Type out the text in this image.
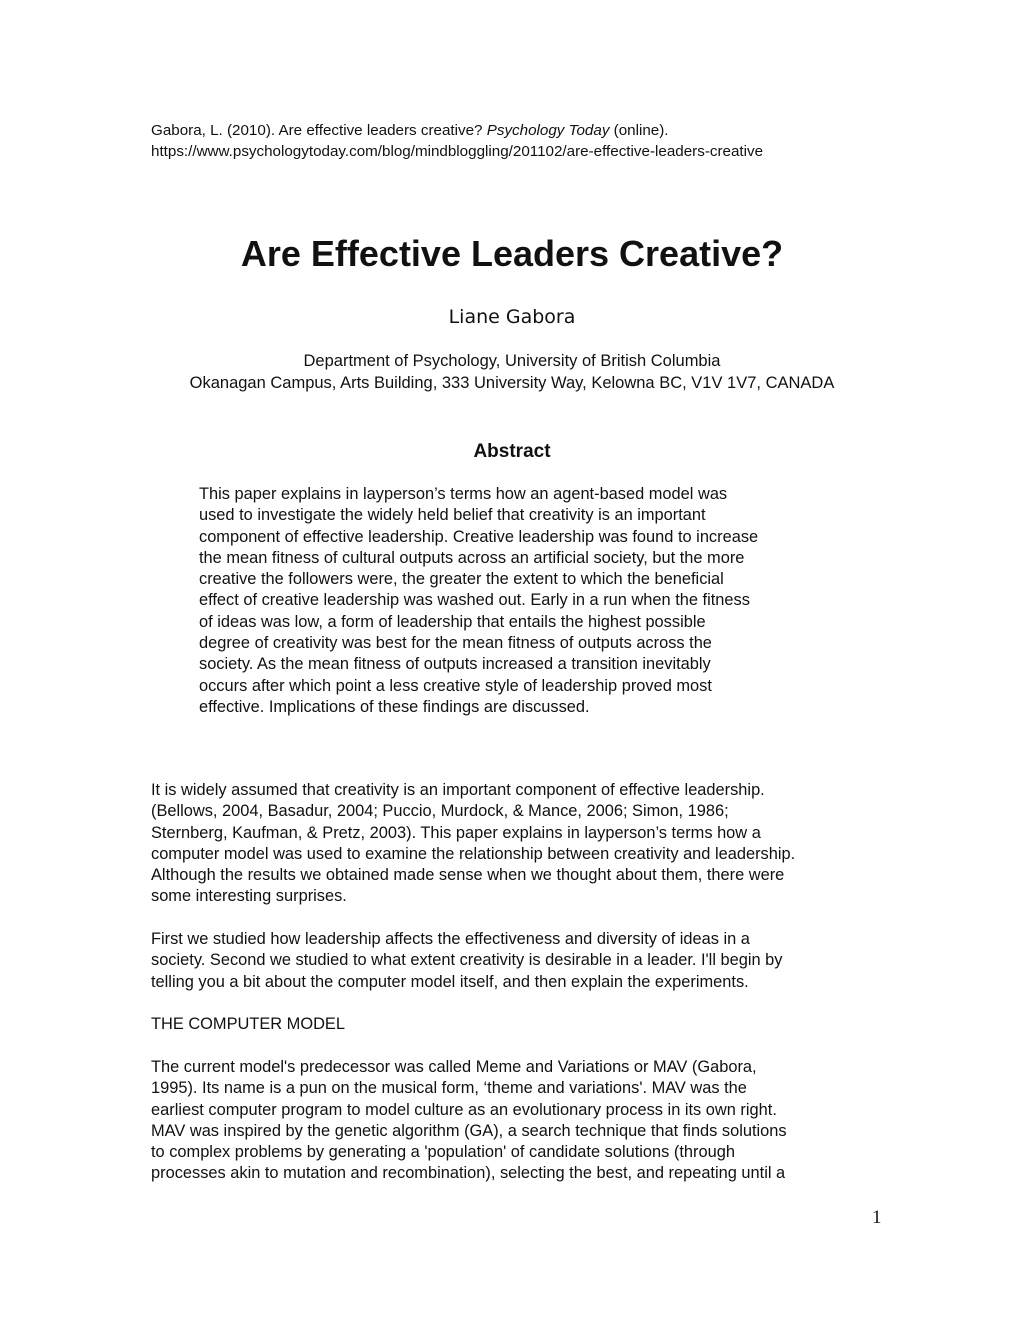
Gabora, L. (2010). Are effective leaders creative? Psychology Today (online).
https://www.psychologytoday.com/blog/mindbloggling/201102/are-effective-leaders-creative
Are Effective Leaders Creative?
Liane Gabora
Department of Psychology, University of British Columbia
Okanagan Campus, Arts Building, 333 University Way, Kelowna BC, V1V 1V7, CANADA
Abstract
This paper explains in layperson’s terms how an agent-based model was
used to investigate the widely held belief that creativity is an important
component of effective leadership. Creative leadership was found to increase
the mean fitness of cultural outputs across an artificial society, but the more
creative the followers were, the greater the extent to which the beneficial
effect of creative leadership was washed out. Early in a run when the fitness
of ideas was low, a form of leadership that entails the highest possible
degree of creativity was best for the mean fitness of outputs across the
society. As the mean fitness of outputs increased a transition inevitably
occurs after which point a less creative style of leadership proved most
effective. Implications of these findings are discussed.
It is widely assumed that creativity is an important component of effective leadership.
(Bellows, 2004, Basadur, 2004; Puccio, Murdock, & Mance, 2006; Simon, 1986;
Sternberg, Kaufman, & Pretz, 2003). This paper explains in layperson’s terms how a
computer model was used to examine the relationship between creativity and leadership.
Although the results we obtained made sense when we thought about them, there were
some interesting surprises.
First we studied how leadership affects the effectiveness and diversity of ideas in a
society. Second we studied to what extent creativity is desirable in a leader. I'll begin by
telling you a bit about the computer model itself, and then explain the experiments.
THE COMPUTER MODEL
The current model's predecessor was called Meme and Variations or MAV (Gabora,
1995). Its name is a pun on the musical form, ‘theme and variations'. MAV was the
earliest computer program to model culture as an evolutionary process in its own right.
MAV was inspired by the genetic algorithm (GA), a search technique that finds solutions
to complex problems by generating a 'population' of candidate solutions (through
processes akin to mutation and recombination), selecting the best, and repeating until a
1
